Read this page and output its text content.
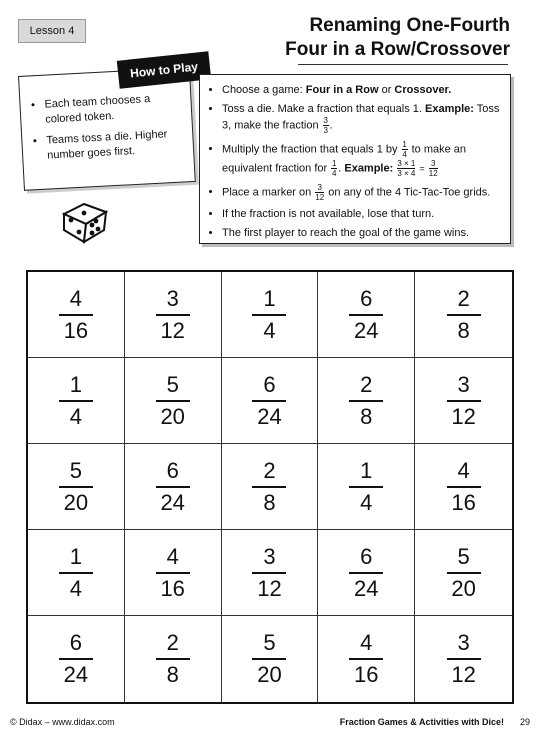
Lesson 4	Renaming One-Fourth
Four in a Row/Crossover
• Each team chooses a colored token.
• Teams toss a die. Higher number goes first.
How to Play
• Choose a game: Four in a Row or Crossover.
• Toss a die. Make a fraction that equals 1. Example: Toss 3, make the fraction $\frac{3}{3}$ .
• Multiply the fraction that equals 1 by $\frac{1}{4}$ to make an equivalent fraction for $\frac{1}{4}$ . Example: $\frac{3 \times 1}{3 \times 4} = \frac{3}{12}$
• Place a marker on $\frac{3}{12}$ on any of the 4 Tic-Tac-Toe grids.
• If the fraction is not available, lose that turn.
• The first player to reach the goal of the game wins.
$\frac{4}{16}$	$\frac{3}{12}$	$\frac{1}{4}$	$\frac{6}{24}$	$\frac{2}{8}$
$\frac{1}{4}$	$\frac{5}{20}$	$\frac{6}{24}$	$\frac{2}{8}$	$\frac{3}{12}$
$\frac{5}{20}$	$\frac{6}{24}$	$\frac{2}{8}$	$\frac{1}{4}$	$\frac{4}{16}$
$\frac{1}{4}$	$\frac{4}{16}$	$\frac{3}{12}$	$\frac{6}{24}$	$\frac{5}{20}$
$\frac{6}{24}$	$\frac{2}{8}$	$\frac{5}{20}$	$\frac{4}{16}$	$\frac{3}{12}$
© Didax – www.didax.com	Fraction Games & Activities with Dice! 29
